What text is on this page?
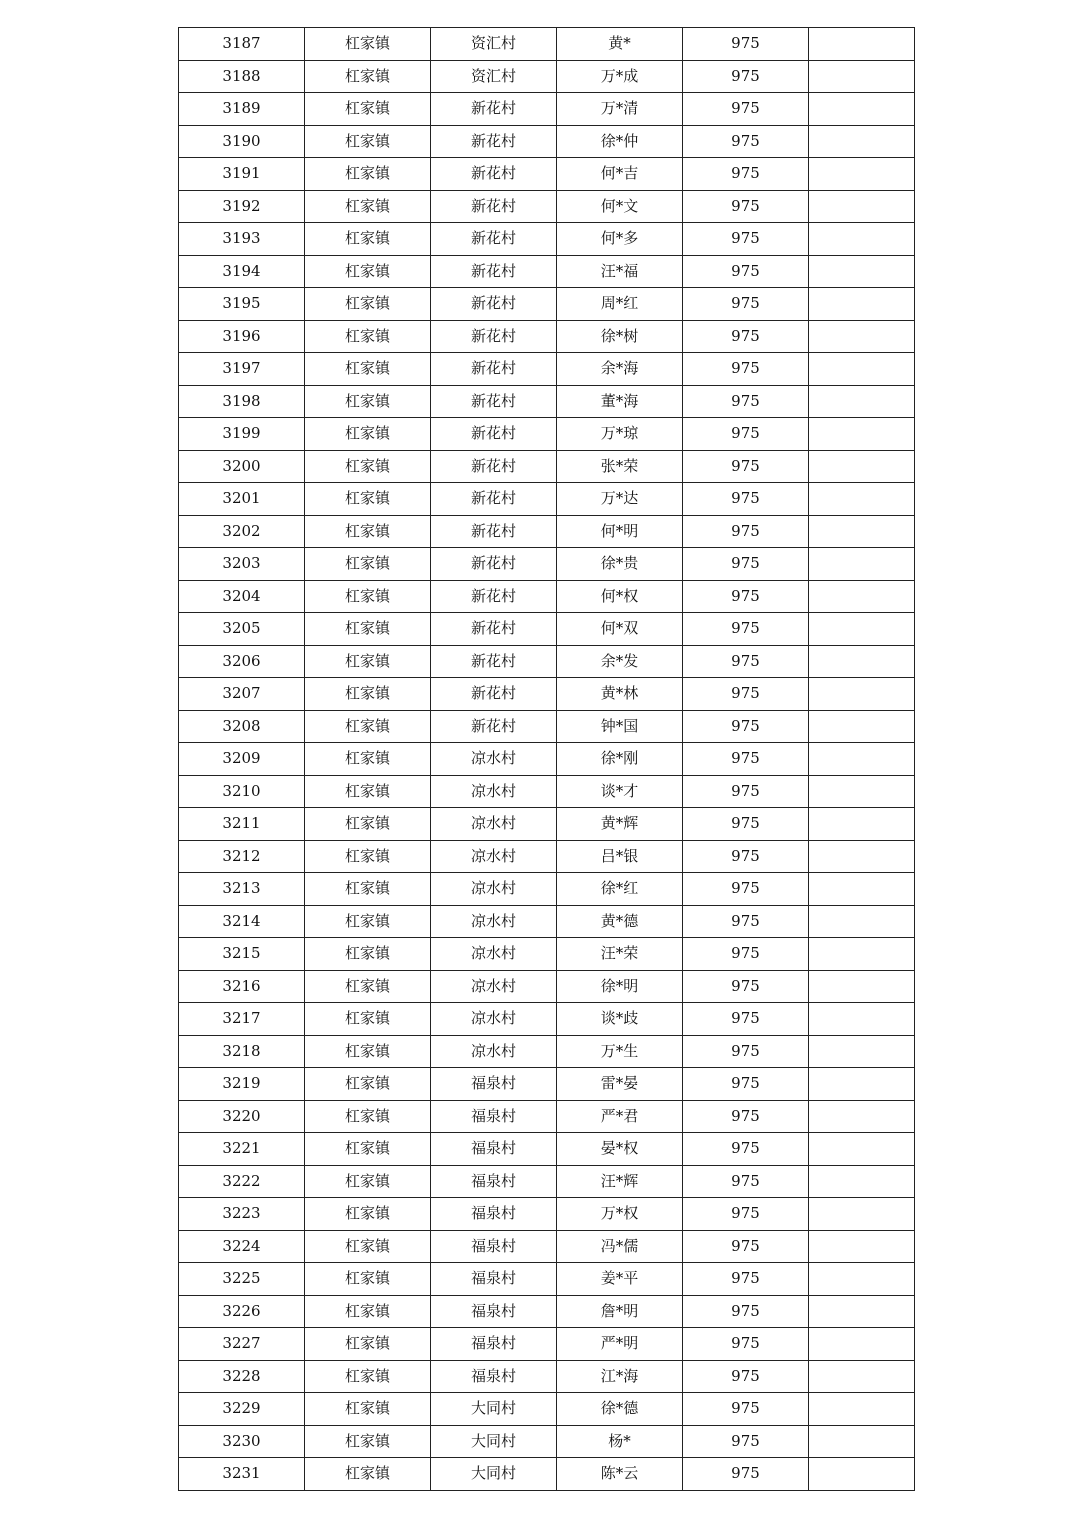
3187	杠家镇	资汇村	黄*	975	
3188	杠家镇	资汇村	万*成	975	
3189	杠家镇	新花村	万*清	975	
3190	杠家镇	新花村	徐*仲	975	
3191	杠家镇	新花村	何*吉	975	
3192	杠家镇	新花村	何*文	975	
3193	杠家镇	新花村	何*多	975	
3194	杠家镇	新花村	汪*福	975	
3195	杠家镇	新花村	周*红	975	
3196	杠家镇	新花村	徐*树	975	
3197	杠家镇	新花村	余*海	975	
3198	杠家镇	新花村	董*海	975	
3199	杠家镇	新花村	万*琼	975	
3200	杠家镇	新花村	张*荣	975	
3201	杠家镇	新花村	万*达	975	
3202	杠家镇	新花村	何*明	975	
3203	杠家镇	新花村	徐*贵	975	
3204	杠家镇	新花村	何*权	975	
3205	杠家镇	新花村	何*双	975	
3206	杠家镇	新花村	余*发	975	
3207	杠家镇	新花村	黄*林	975	
3208	杠家镇	新花村	钟*国	975	
3209	杠家镇	凉水村	徐*刚	975	
3210	杠家镇	凉水村	谈*才	975	
3211	杠家镇	凉水村	黄*辉	975	
3212	杠家镇	凉水村	吕*银	975	
3213	杠家镇	凉水村	徐*红	975	
3214	杠家镇	凉水村	黄*德	975	
3215	杠家镇	凉水村	汪*荣	975	
3216	杠家镇	凉水村	徐*明	975	
3217	杠家镇	凉水村	谈*歧	975	
3218	杠家镇	凉水村	万*生	975	
3219	杠家镇	福泉村	雷*晏	975	
3220	杠家镇	福泉村	严*君	975	
3221	杠家镇	福泉村	晏*权	975	
3222	杠家镇	福泉村	汪*辉	975	
3223	杠家镇	福泉村	万*权	975	
3224	杠家镇	福泉村	冯*儒	975	
3225	杠家镇	福泉村	姜*平	975	
3226	杠家镇	福泉村	詹*明	975	
3227	杠家镇	福泉村	严*明	975	
3228	杠家镇	福泉村	江*海	975	
3229	杠家镇	大同村	徐*德	975	
3230	杠家镇	大同村	杨*	975	
3231	杠家镇	大同村	陈*云	975	
